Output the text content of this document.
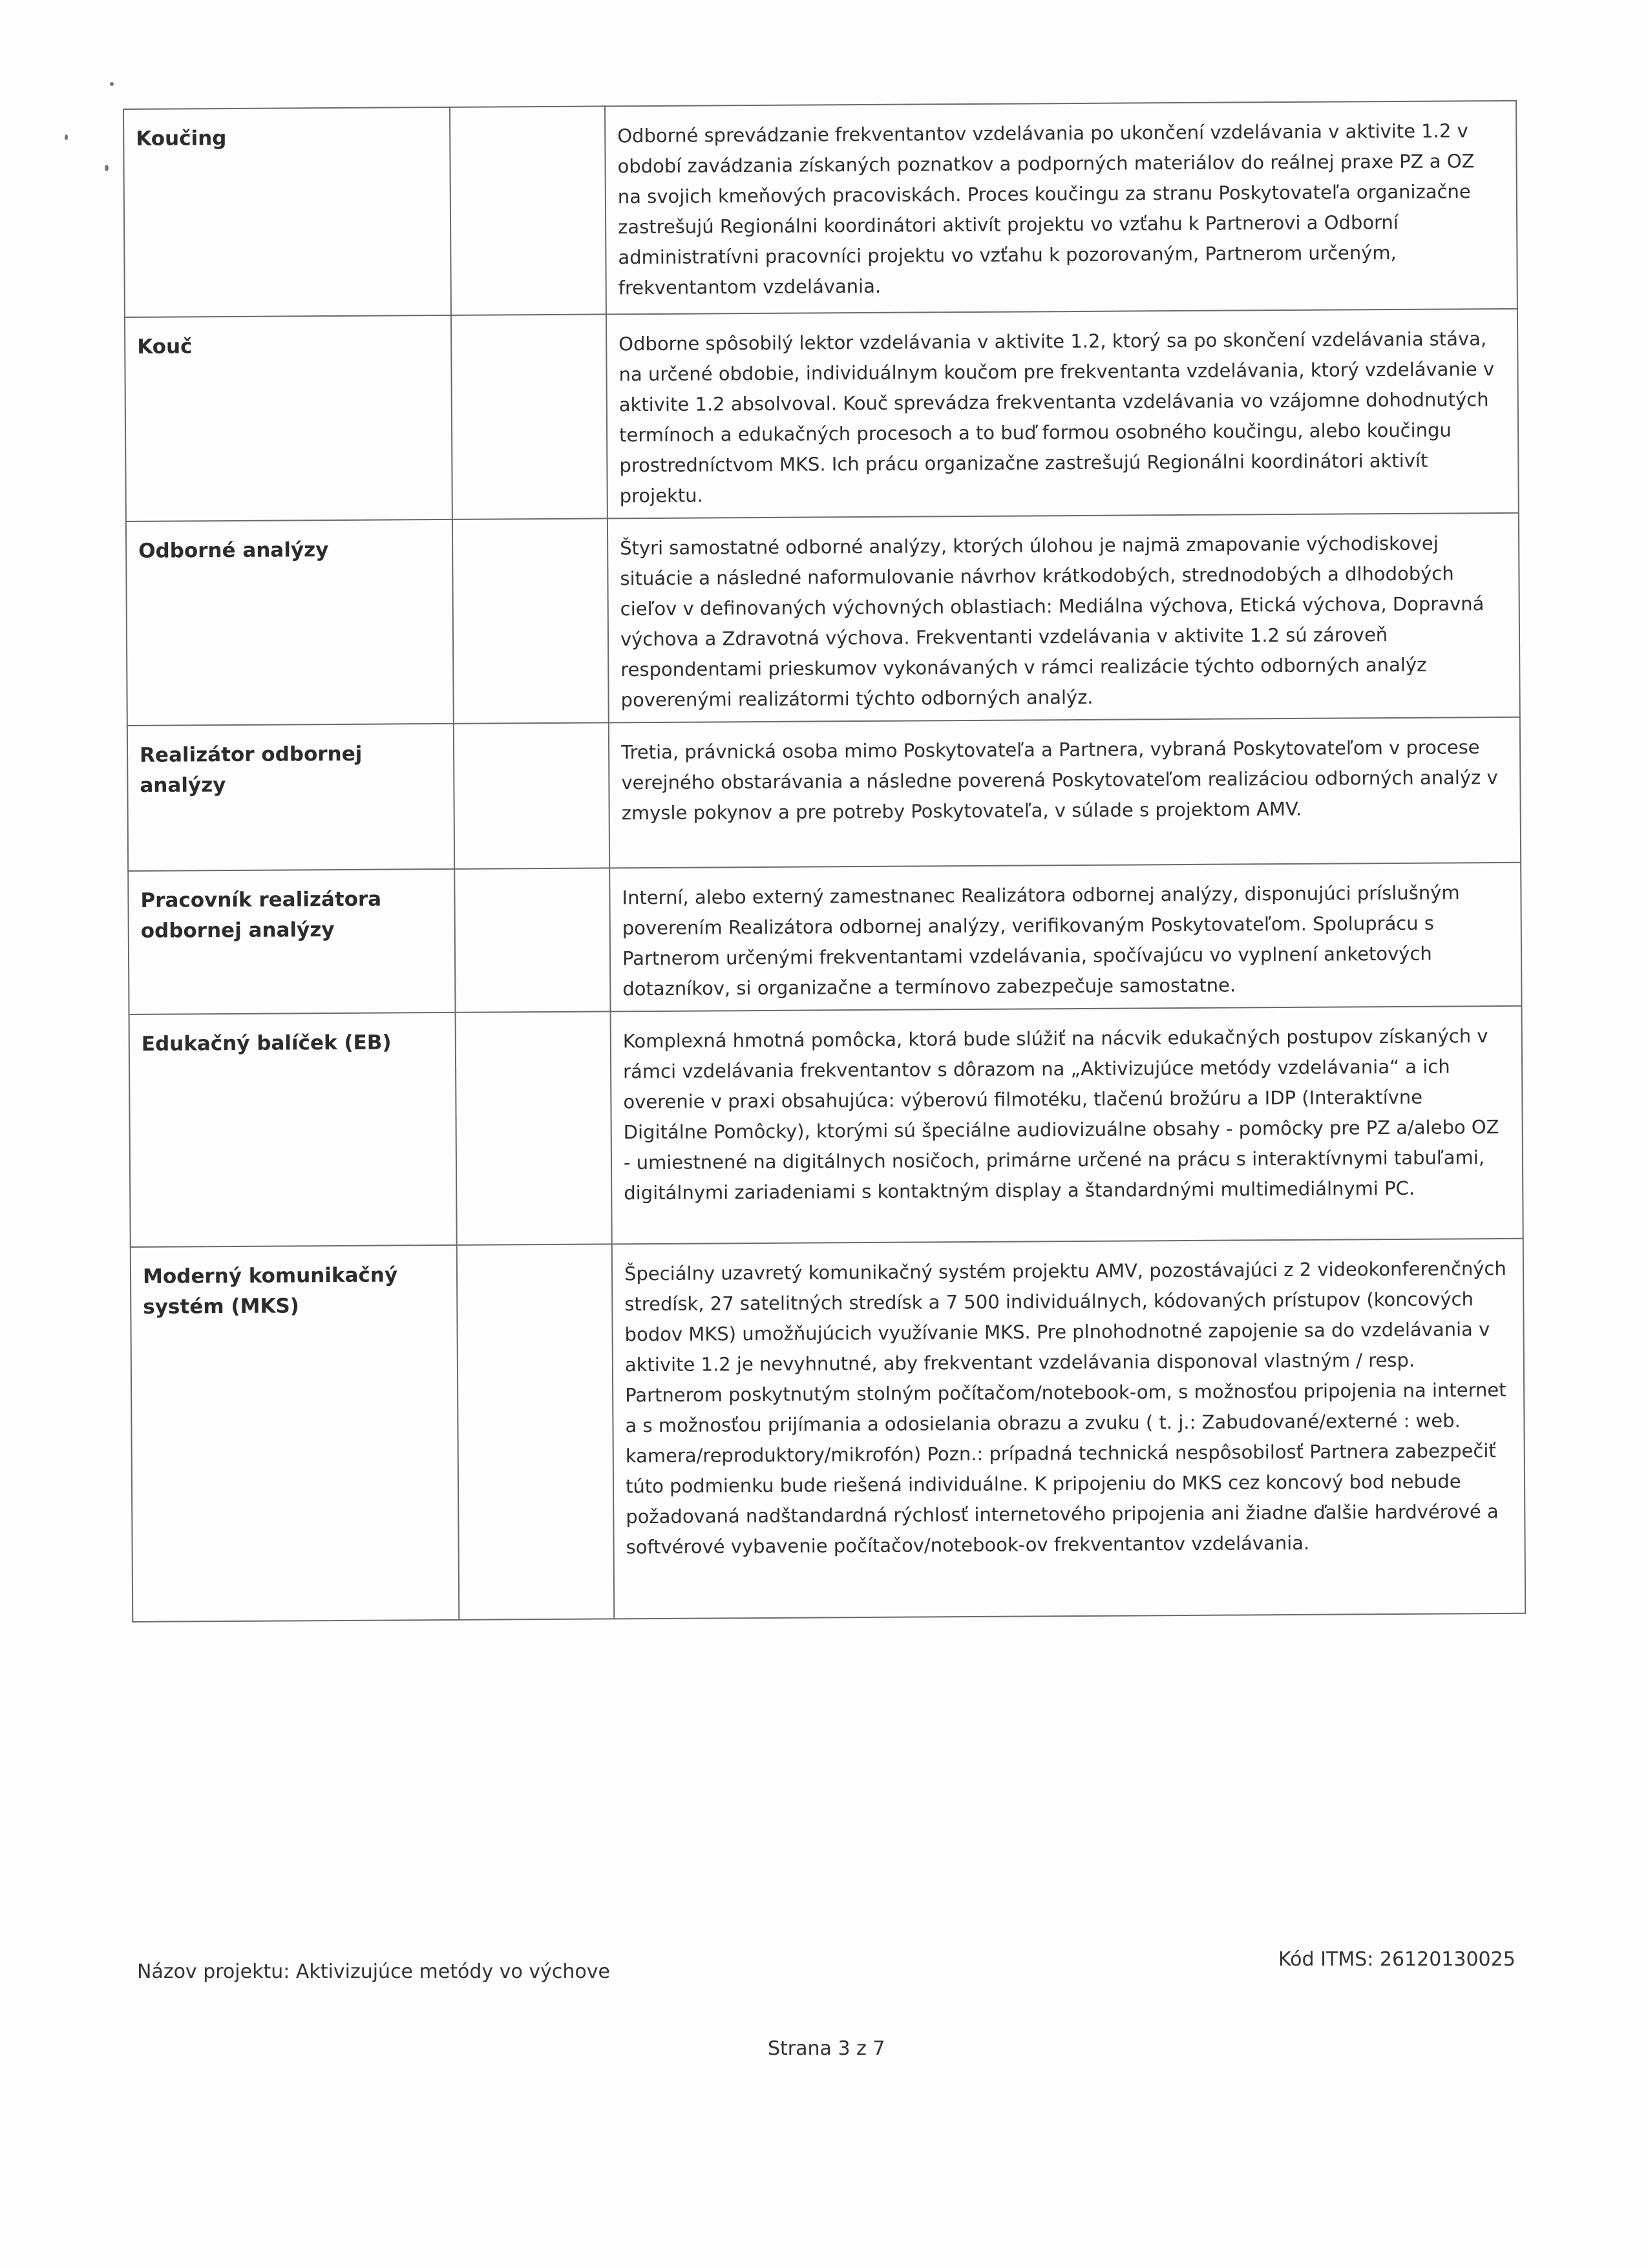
Koučing		Odborné sprevádzanie frekventantov vzdelávania po ukončení vzdelávania v aktivite 1.2 v období zavádzania získaných poznatkov a podporných materiálov do reálnej praxe PZ a OZ na svojich kmeňových pracoviskách. Proces koučingu za stranu Poskytovateľa organizačne zastrešujú Regionálni koordinátori aktivít projektu vo vzťahu k Partnerovi a Odborní administratívni pracovníci projektu vo vzťahu k pozorovaným, Partnerom určeným, frekventantom vzdelávania.

Kouč		Odborne spôsobilý lektor vzdelávania v aktivite 1.2, ktorý sa po skončení vzdelávania stáva, na určené obdobie, individuálnym koučom pre frekventanta vzdelávania, ktorý vzdelávanie v aktivite 1.2 absolvoval. Kouč sprevádza frekventanta vzdelávania vo vzájomne dohodnutých termínoch a edukačných procesoch a to buď formou osobného koučingu, alebo koučingu prostredníctvom MKS. Ich prácu organizačne zastrešujú Regionálni koordinátori aktivít projektu.

Odborné analýzy		Štyri samostatné odborné analýzy, ktorých úlohou je najmä zmapovanie východiskovej situácie a následné naformulovanie návrhov krátkodobých, strednodobých a dlhodobých cieľov v definovaných výchovných oblastiach: Mediálna výchova, Etická výchova, Dopravná výchova a Zdravotná výchova. Frekventanti vzdelávania v aktivite 1.2 sú zároveň respondentami prieskumov vykonávaných v rámci realizácie týchto odborných analýz poverenými realizátormi týchto odborných analýz.

Realizátor odbornej analýzy		Tretia, právnická osoba mimo Poskytovateľa a Partnera, vybraná Poskytovateľom v procese verejného obstarávania a následne poverená Poskytovateľom realizáciou odborných analýz v zmysle pokynov a pre potreby Poskytovateľa, v súlade s projektom AMV.

Pracovník realizátora odbornej analýzy		Interní, alebo externý zamestnanec Realizátora odbornej analýzy, disponujúci príslušným poverením Realizátora odbornej analýzy, verifikovaným Poskytovateľom. Spoluprácu s Partnerom určenými frekventantami vzdelávania, spočívajúcu vo vyplnení anketových dotazníkov, si organizačne a termínovo zabezpečuje samostatne.

Edukačný balíček (EB)		Komplexná hmotná pomôcka, ktorá bude slúžiť na nácvik edukačných postupov získaných v rámci vzdelávania frekventantov s dôrazom na „Aktivizujúce metódy vzdelávania“ a ich overenie v praxi obsahujúca: výberovú filmotéku, tlačenú brožúru a IDP (Interaktívne Digitálne Pomôcky), ktorými sú špeciálne audiovizuálne obsahy - pomôcky pre PZ a/alebo OZ - umiestnené na digitálnych nosičoch, primárne určené na prácu s interaktívnymi tabuľami, digitálnymi zariadeniami s kontaktným display a štandardnými multimediálnymi PC.

Moderný komunikačný systém (MKS)		Špeciálny uzavretý komunikačný systém projektu AMV, pozostávajúci z 2 videokonferenčných stredísk, 27 satelitných stredísk a 7 500 individuálnych, kódovaných prístupov (koncových bodov MKS) umožňujúcich využívanie MKS. Pre plnohodnotné zapojenie sa do vzdelávania v aktivite 1.2 je nevyhnutné, aby frekventant vzdelávania disponoval vlastným / resp. Partnerom poskytnutým stolným počítačom/notebook-om, s možnosťou pripojenia na internet a s možnosťou prijímania a odosielania obrazu a zvuku ( t. j.: Zabudované/externé : web. kamera/reproduktory/mikrofón) Pozn.: prípadná technická nespôsobilosť Partnera zabezpečiť túto podmienku bude riešená individuálne. K pripojeniu do MKS cez koncový bod nebude požadovaná nadštandardná rýchlosť internetového pripojenia ani žiadne ďalšie hardvérové a softvérové vybavenie počítačov/notebook-ov frekventantov vzdelávania.
Názov projektu: Aktivizujúce metódy vo výchove
Kód ITMS: 26120130025
Strana 3 z 7
